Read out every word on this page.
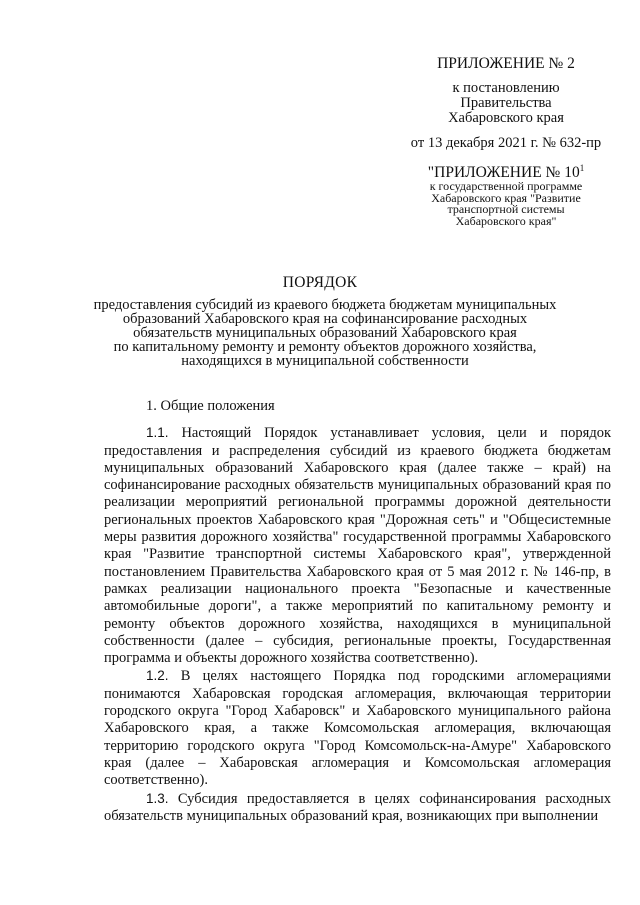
ПРИЛОЖЕНИЕ № 2
к постановлению
Правительства
Хабаровского края
от 13 декабря 2021 г. № 632-пр
"ПРИЛОЖЕНИЕ № $10^1$
к государственной программе
Хабаровского края "Развитие
транспортной системы
Хабаровского края"
ПОРЯДОК
предоставления субсидий из краевого бюджета бюджетам муниципальных
образований Хабаровского края на софинансирование расходных
обязательств муниципальных образований Хабаровского края
по капитальному ремонту и ремонту объектов дорожного хозяйства,
находящихся в муниципальной собственности
1. Общие положения

1.1. Настоящий Порядок устанавливает условия, цели и порядок предоставления и распределения субсидий из краевого бюджета бюджетам муниципальных образований Хабаровского края (далее также – край) на софинансирование расходных обязательств муниципальных образований края по реализации мероприятий региональной программы дорожной деятельности региональных проектов Хабаровского края "Дорожная сеть" и "Общесистемные меры развития дорожного хозяйства" государственной программы Хабаровского края "Развитие транспортной системы Хабаровского края", утвержденной постановлением Правительства Хабаровского края от 5 мая 2012 г. № 146-пр, в рамках реализации национального проекта "Безопасные и качественные автомобильные дороги", а также мероприятий по капитальному ремонту и ремонту объектов дорожного хозяйства, находящихся в муниципальной собственности (далее – субсидия, региональные проекты, Государственная программа и объекты дорожного хозяйства соответственно).

1.2. В целях настоящего Порядка под городскими агломерациями понимаются Хабаровская городская агломерация, включающая территории городского округа "Город Хабаровск" и Хабаровского муниципального района Хабаровского края, а также Комсомольская агломерация, включающая территорию городского округа "Город Комсомольск-на-Амуре" Хабаровского края (далее – Хабаровская агломерация и Комсомольская агломерация соответственно).

1.3. Субсидия предоставляется в целях софинансирования расходных обязательств муниципальных образований края, возникающих при выполнении
